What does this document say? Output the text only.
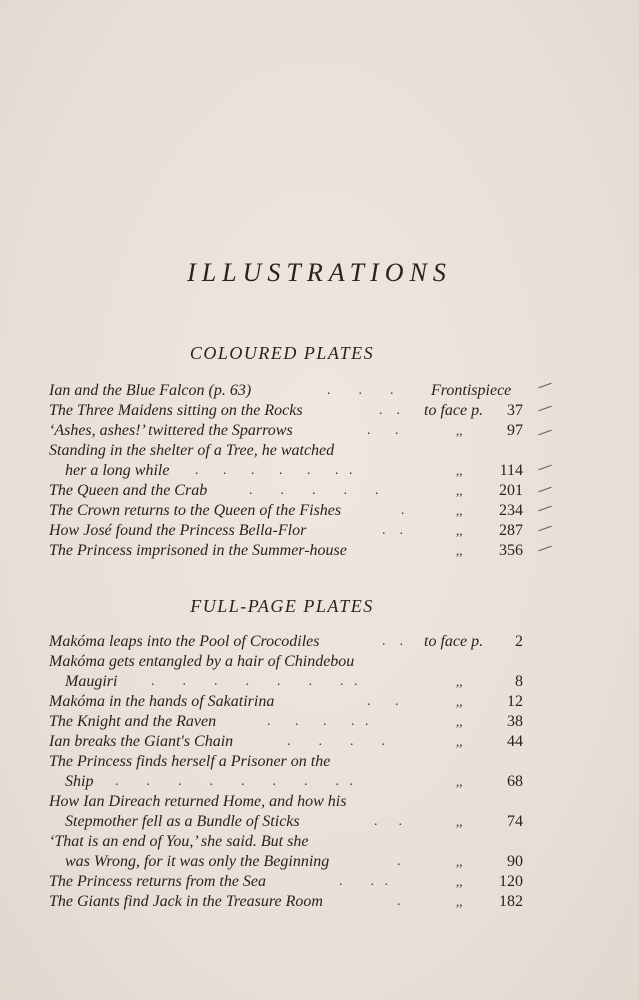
ILLUSTRATIONS
COLOURED PLATES
Ian and the Blue Falcon (p. 63)	.        .        . Frontispiece
The Three Maidens sitting on the Rocks	.    . to face p.	37
‘Ashes, ashes!’ twittered the Sparrows	.       .	,,	97
Standing in the shelter of a Tree, he watched
her a long while .       .       .       .       .       .   .	,,	114
The Queen and the Crab	.        .        .        .        .	,,	201
The Crown returns to the Queen of the Fishes	.	,,	234
How José found the Princess Bella-Flor	.    .	,,	287
The Princess imprisoned in the Summer-house	,,	356
FULL-PAGE PLATES
Makóma leaps into the Pool of Crocodiles	.    . to face p.	2
Makóma gets entangled by a hair of Chindebou
Maugiri .        .        .        .        .        .        .   .	,,	8
Makóma in the hands of Sakatirina	.       .	,,	12
The Knight and the Raven	.       .       .       .   .	,,	38
Ian breaks the Giant's Chain	.        .        .        .	,,	44
The Princess finds herself a Prisoner on the
Ship .        .        .        .        .        .        .        .   .	,,	68
How Ian Direach returned Home, and how his
Stepmother fell as a Bundle of Sticks	.      .	,,	74
‘That is an end of You,’ she said. But she
was Wrong, for it was only the Beginning	.	,,	90
The Princess returns from the Sea	.        .   .	,,	120
The Giants find Jack in the Treasure Room	.	,,	182
